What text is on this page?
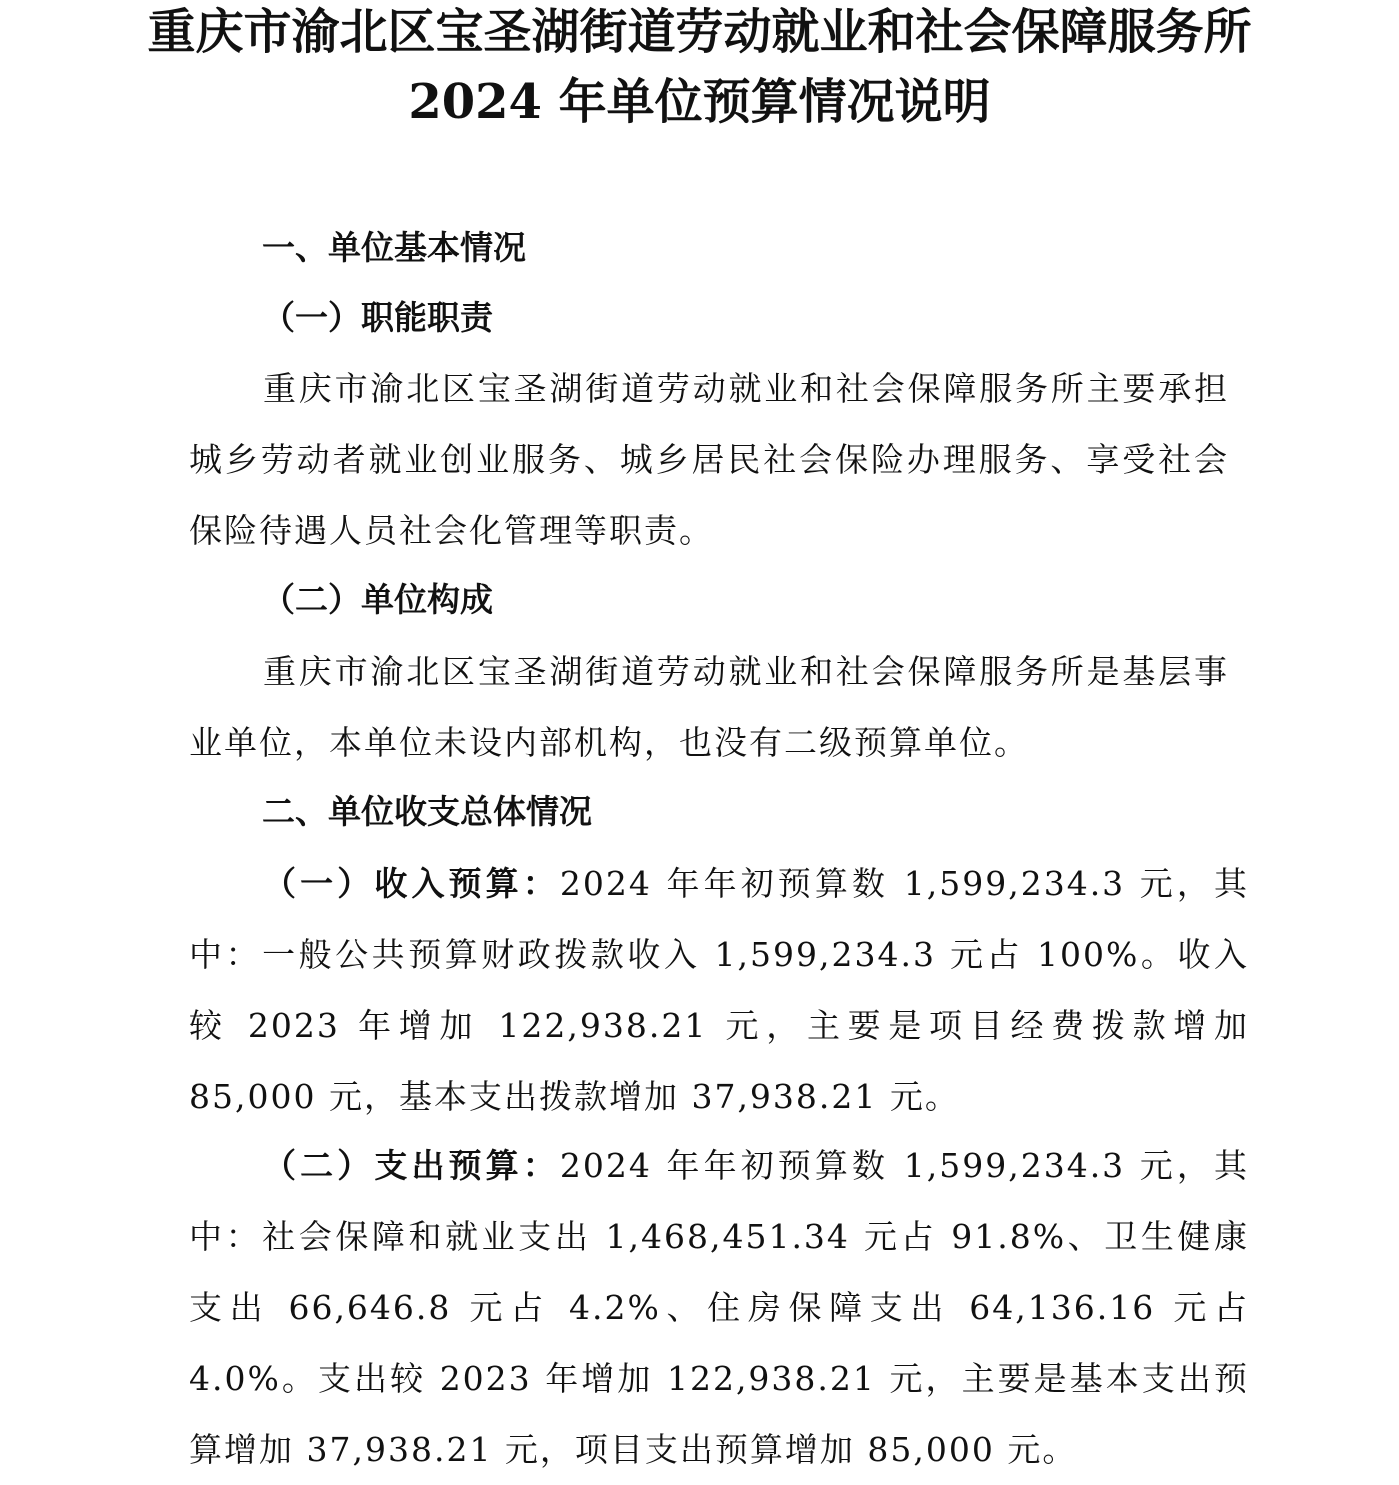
重庆市渝北区宝圣湖街道劳动就业和社会保障服务所
2024 年单位预算情况说明
一、单位基本情况
（一）职能职责
重庆市渝北区宝圣湖街道劳动就业和社会保障服务所主要承担城乡劳动者就业创业服务、城乡居民社会保险办理服务、享受社会保险待遇人员社会化管理等职责。
（二）单位构成
重庆市渝北区宝圣湖街道劳动就业和社会保障服务所是基层事业单位，本单位未设内部机构，也没有二级预算单位。
二、单位收支总体情况
（一）收入预算：2024 年年初预算数 1,599,234.3 元，其中：一般公共预算财政拨款收入 1,599,234.3 元占 100%。收入较 2023 年增加 122,938.21 元，主要是项目经费拨款增加 85,000 元，基本支出拨款增加 37,938.21 元。
（二）支出预算：2024 年年初预算数 1,599,234.3 元，其中：社会保障和就业支出 1,468,451.34 元占 91.8%、卫生健康支出 66,646.8 元占 4.2%、住房保障支出 64,136.16 元占 4.0%。支出较 2023 年增加 122,938.21 元，主要是基本支出预算增加 37,938.21 元，项目支出预算增加 85,000 元。
